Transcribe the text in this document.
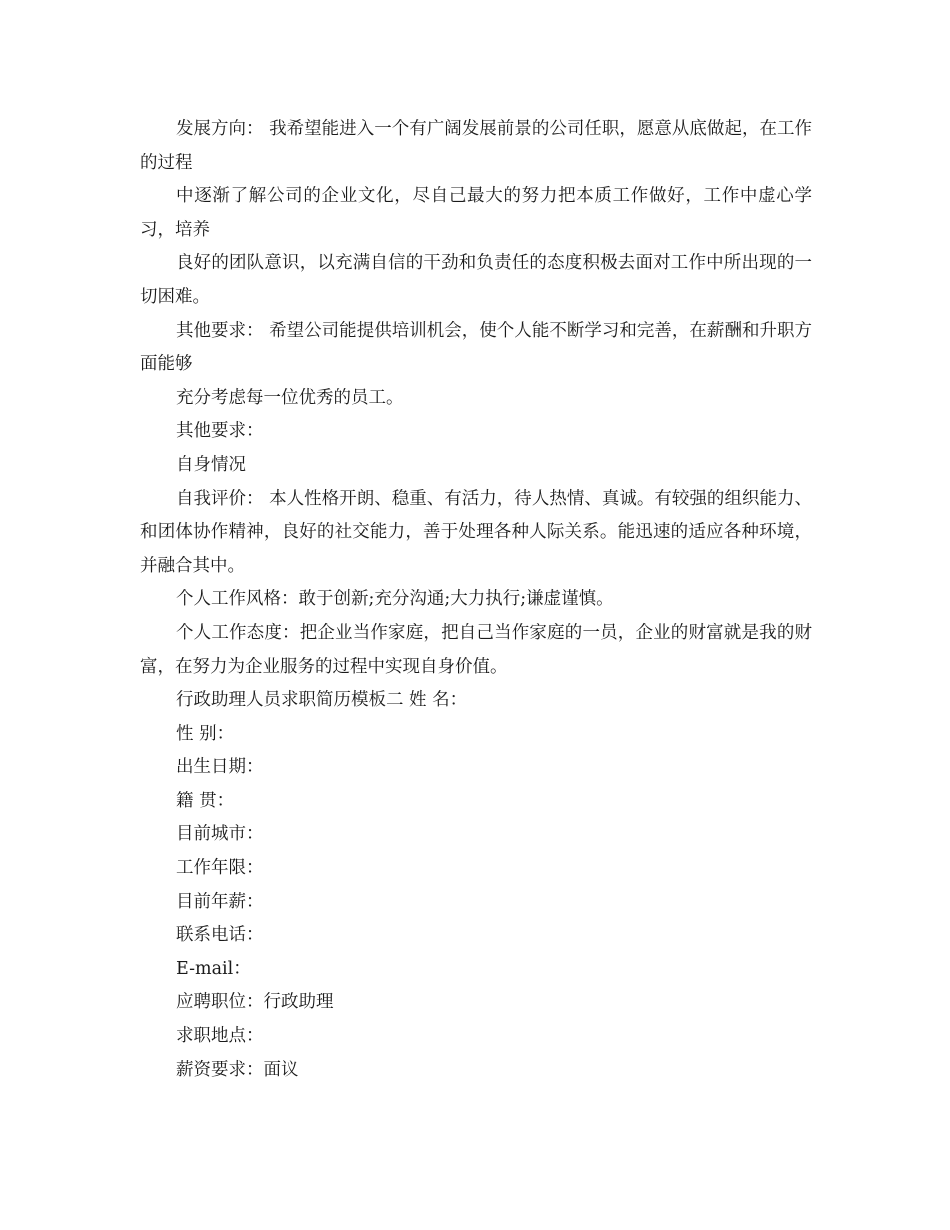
发展方向： 我希望能进入一个有广阔发展前景的公司任职，愿意从底做起，在工作的过程

中逐渐了解公司的企业文化，尽自己最大的努力把本质工作做好，工作中虚心学习，培养

良好的团队意识，以充满自信的干劲和负责任的态度积极去面对工作中所出现的一切困难。

其他要求： 希望公司能提供培训机会，使个人能不断学习和完善，在薪酬和升职方面能够

充分考虑每一位优秀的员工。

其他要求：

自身情况

自我评价： 本人性格开朗、稳重、有活力，待人热情、真诚。有较强的组织能力、和团体协作精神，良好的社交能力，善于处理各种人际关系。能迅速的适应各种环境，并融合其中。

个人工作风格：敢于创新;充分沟通;大力执行;谦虚谨慎。

个人工作态度：把企业当作家庭，把自己当作家庭的一员，企业的财富就是我的财富，在努力为企业服务的过程中实现自身价值。

行政助理人员求职简历模板二 姓 名：

性 别：

出生日期：

籍 贯：

目前城市：

工作年限：

目前年薪：

联系电话：

E-mail：

应聘职位：行政助理

求职地点：

薪资要求：面议
